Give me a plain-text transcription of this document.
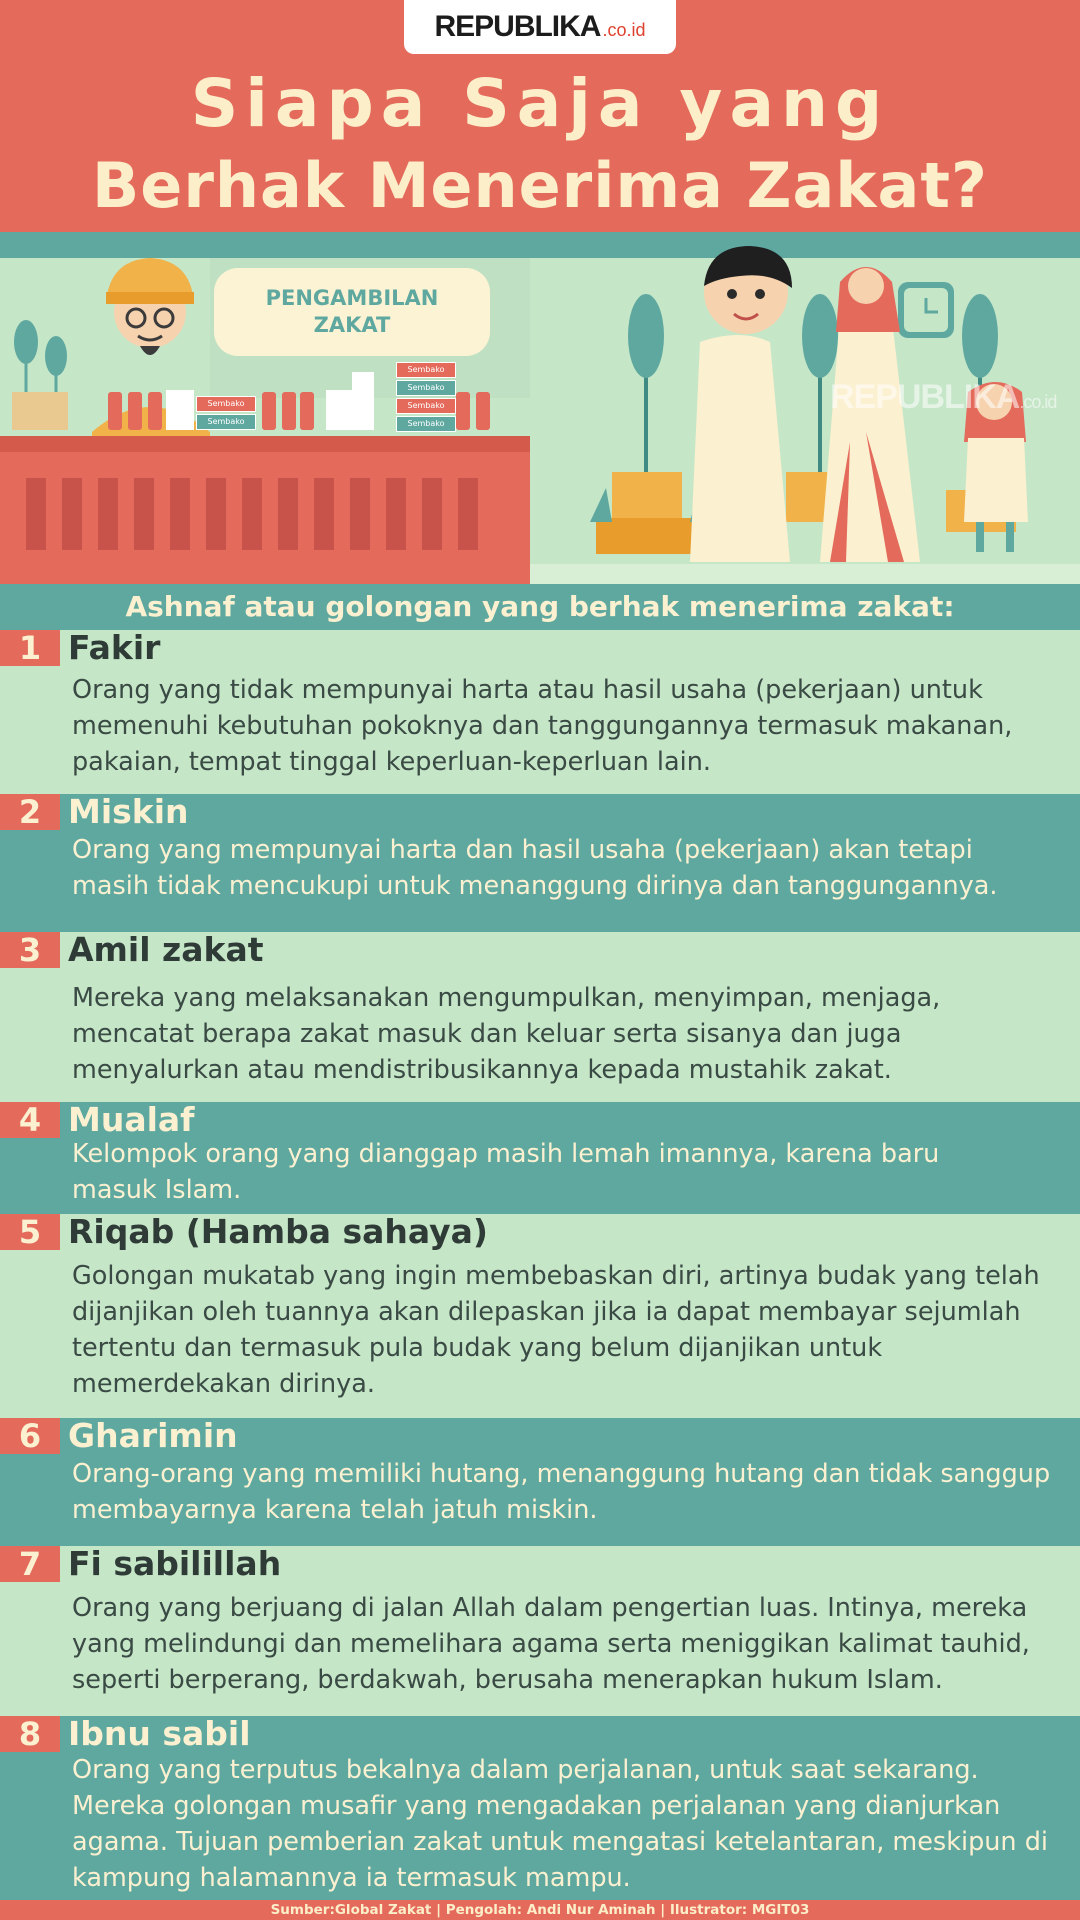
REPUBLIKA .co.id
Siapa Saja yang
Berhak Menerima Zakat?
PENGAMBILAN
ZAKAT
Sembako
Sembako
Sembako
Sembako
Sembako
Sembako
REPUBLIKA.co.id
Ashnaf atau golongan yang berhak menerima zakat:
1 Fakir
Orang yang tidak mempunyai harta atau hasil usaha (pekerjaan) untuk
memenuhi kebutuhan pokoknya dan tanggungannya termasuk makanan,
pakaian, tempat tinggal keperluan-keperluan lain.
2 Miskin
Orang yang mempunyai harta dan hasil usaha (pekerjaan) akan tetapi
masih tidak mencukupi untuk menanggung dirinya dan tanggungannya.
3 Amil zakat
Mereka yang melaksanakan mengumpulkan, menyimpan, menjaga,
mencatat berapa zakat masuk dan keluar serta sisanya dan juga
menyalurkan atau mendistribusikannya kepada mustahik zakat.
4 Mualaf
Kelompok orang yang dianggap masih lemah imannya, karena baru
masuk Islam.
5 Riqab (Hamba sahaya)
Golongan mukatab yang ingin membebaskan diri, artinya budak yang telah
dijanjikan oleh tuannya akan dilepaskan jika ia dapat membayar sejumlah
tertentu dan termasuk pula budak yang belum dijanjikan untuk
memerdekakan dirinya.
6 Gharimin
Orang-orang yang memiliki hutang, menanggung hutang dan tidak sanggup
membayarnya karena telah jatuh miskin.
7 Fi sabilillah
Orang yang berjuang di jalan Allah dalam pengertian luas. Intinya, mereka
yang melindungi dan memelihara agama serta meniggikan kalimat tauhid,
seperti berperang, berdakwah, berusaha menerapkan hukum Islam.
8 Ibnu sabil
Orang yang terputus bekalnya dalam perjalanan, untuk saat sekarang.
Mereka golongan musafir yang mengadakan perjalanan yang dianjurkan
agama. Tujuan pemberian zakat untuk mengatasi ketelantaran, meskipun di
kampung halamannya ia termasuk mampu.
Sumber:Global Zakat | Pengolah: Andi Nur Aminah | Ilustrator: MGIT03
